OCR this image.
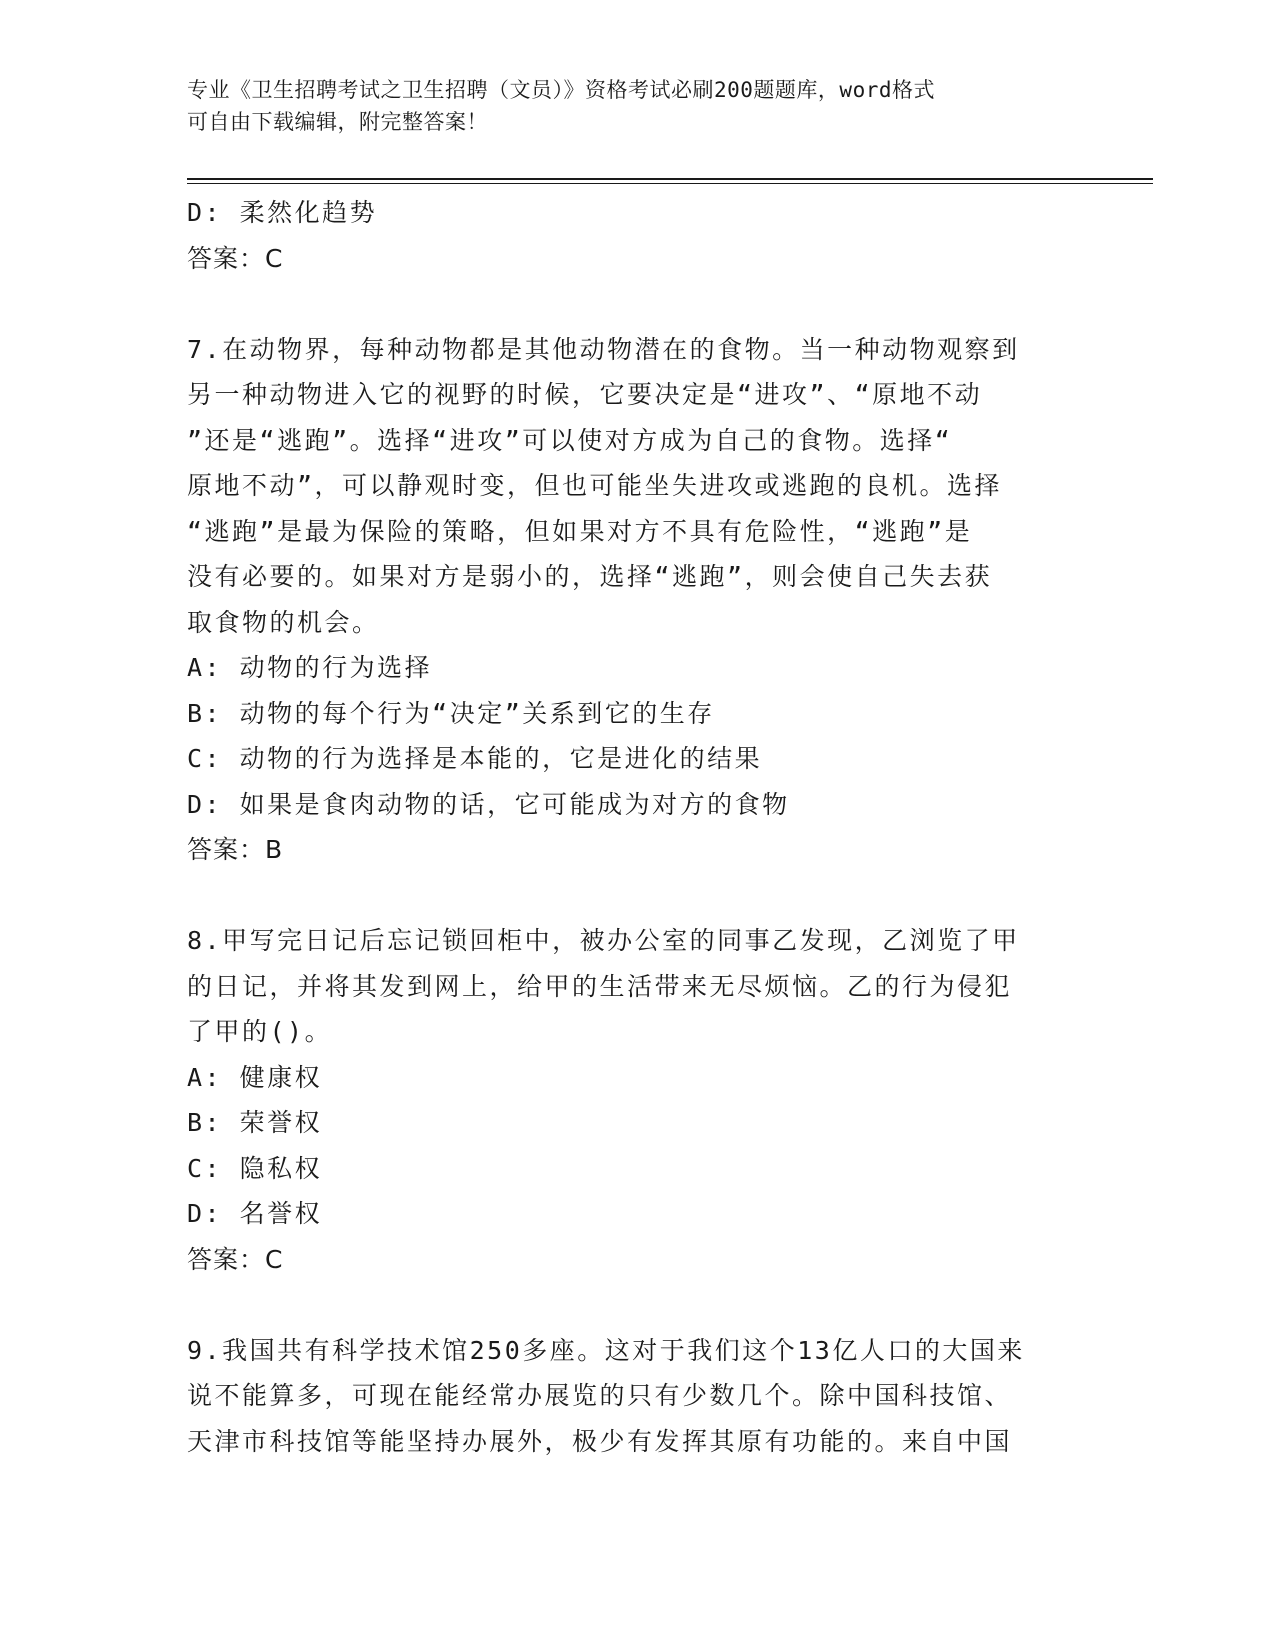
专业《卫生招聘考试之卫生招聘（文员）》资格考试必刷200题题库，word格式
可自由下载编辑，附完整答案！
D: 柔然化趋势
答案：C
7.在动物界，每种动物都是其他动物潜在的食物。当一种动物观察到
另一种动物进入它的视野的时候，它要决定是“进攻”、“原地不动
”还是“逃跑”。选择“进攻”可以使对方成为自己的食物。选择“
原地不动”，可以静观时变，但也可能坐失进攻或逃跑的良机。选择
“逃跑”是最为保险的策略，但如果对方不具有危险性，“逃跑”是
没有必要的。如果对方是弱小的，选择“逃跑”，则会使自己失去获
取食物的机会。
A: 动物的行为选择
B: 动物的每个行为“决定”关系到它的生存
C: 动物的行为选择是本能的，它是进化的结果
D: 如果是食肉动物的话，它可能成为对方的食物
答案：B
8.甲写完日记后忘记锁回柜中，被办公室的同事乙发现，乙浏览了甲
的日记，并将其发到网上，给甲的生活带来无尽烦恼。乙的行为侵犯
了甲的()。
A: 健康权
B: 荣誉权
C: 隐私权
D: 名誉权
答案：C
9.我国共有科学技术馆250多座。这对于我们这个13亿人口的大国来
说不能算多，可现在能经常办展览的只有少数几个。除中国科技馆、
天津市科技馆等能坚持办展外，极少有发挥其原有功能的。来自中国
